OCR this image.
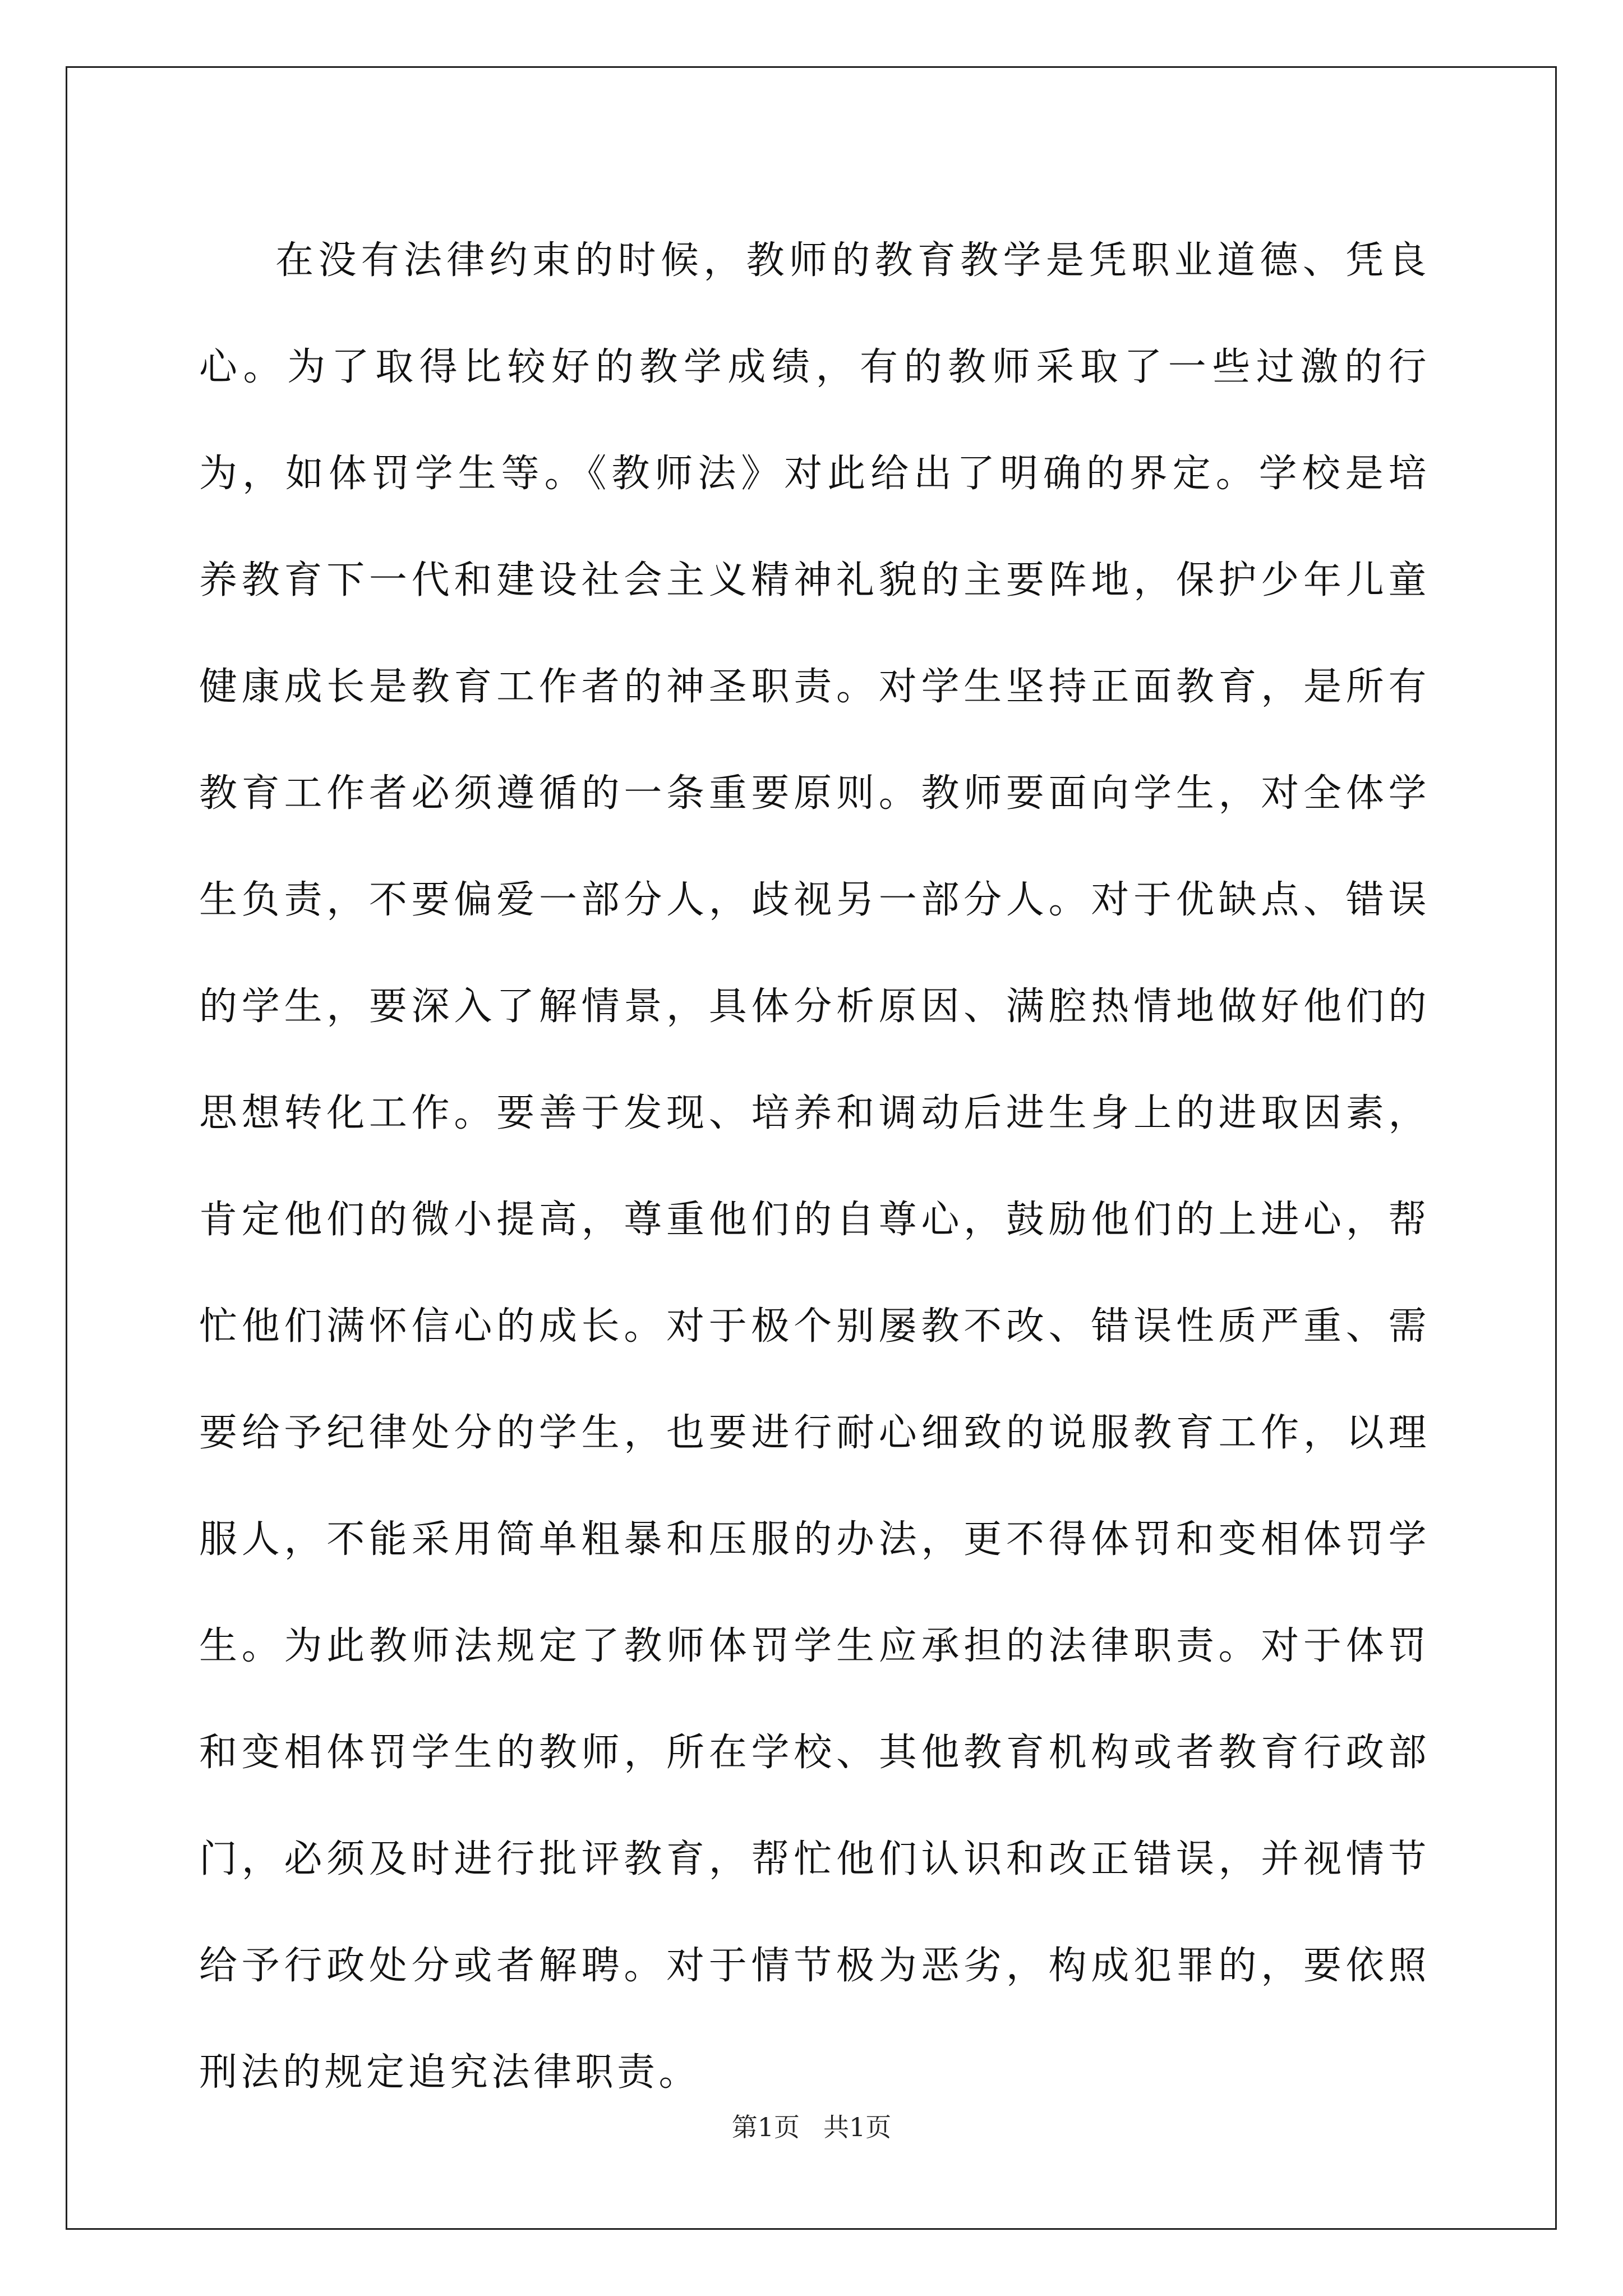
在没有法律约束的时候，教师的教育教学是凭职业道德、凭良心。为了取得比较好的教学成绩，有的教师采取了一些过激的行为，如体罚学生等。《教师法》对此给出了明确的界定。学校是培养教育下一代和建设社会主义精神礼貌的主要阵地，保护少年儿童健康成长是教育工作者的神圣职责。对学生坚持正面教育，是所有教育工作者必须遵循的一条重要原则。教师要面向学生，对全体学生负责，不要偏爱一部分人，歧视另一部分人。对于优缺点、错误的学生，要深入了解情景，具体分析原因、满腔热情地做好他们的思想转化工作。要善于发现、培养和调动后进生身上的进取因素，肯定他们的微小提高，尊重他们的自尊心，鼓励他们的上进心，帮忙他们满怀信心的成长。对于极个别屡教不改、错误性质严重、需要给予纪律处分的学生，也要进行耐心细致的说服教育工作，以理服人，不能采用简单粗暴和压服的办法，更不得体罚和变相体罚学生。为此教师法规定了教师体罚学生应承担的法律职责。对于体罚和变相体罚学生的教师，所在学校、其他教育机构或者教育行政部门，必须及时进行批评教育，帮忙他们认识和改正错误，并视情节给予行政处分或者解聘。对于情节极为恶劣，构成犯罪的，要依照刑法的规定追究法律职责。

第1页 共1页
